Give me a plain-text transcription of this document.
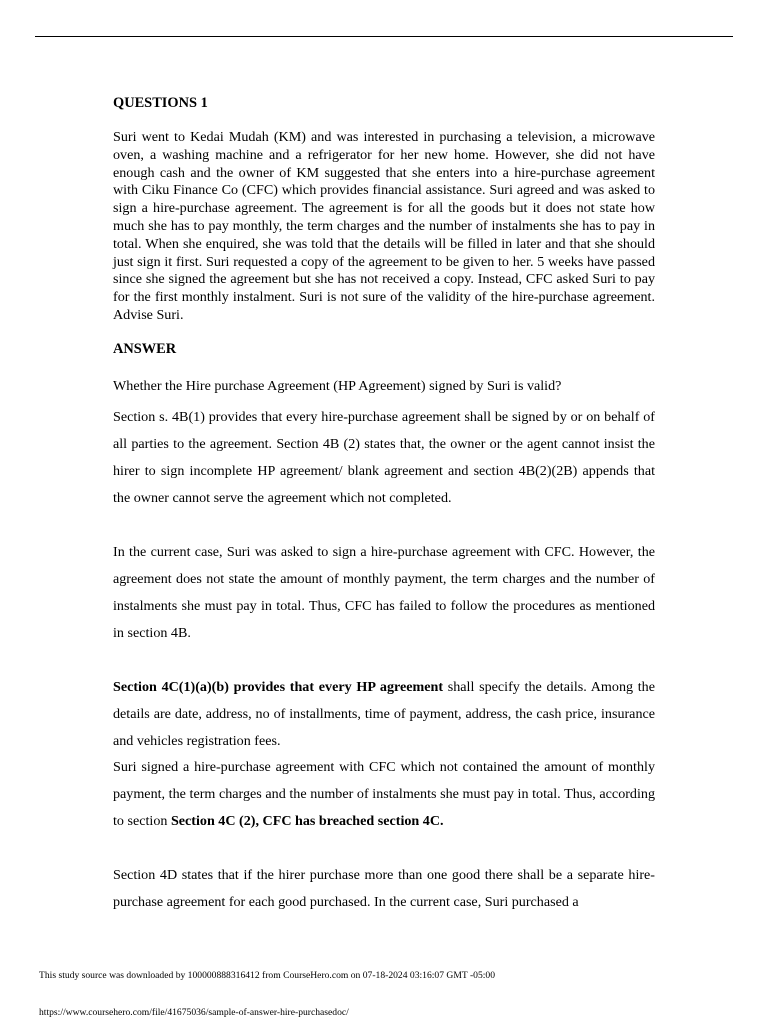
QUESTIONS 1

Suri went to Kedai Mudah (KM) and was interested in purchasing a television, a microwave oven, a washing machine and a refrigerator for her new home. However, she did not have enough cash and the owner of KM suggested that she enters into a hire-purchase agreement with Ciku Finance Co (CFC) which provides financial assistance. Suri agreed and was asked to sign a hire-purchase agreement. The agreement is for all the goods but it does not state how much she has to pay monthly, the term charges and the number of instalments she has to pay in total. When she enquired, she was told that the details will be filled in later and that she should just sign it first. Suri requested a copy of the agreement to be given to her. 5 weeks have passed since she signed the agreement but she has not received a copy. Instead, CFC asked Suri to pay for the first monthly instalment. Suri is not sure of the validity of the hire-purchase agreement. Advise Suri.

ANSWER

Whether the Hire purchase Agreement (HP Agreement) signed by Suri is valid?

Section s. 4B(1) provides that every hire-purchase agreement shall be signed by or on behalf of all parties to the agreement. Section 4B (2) states that, the owner or the agent cannot insist the hirer to sign incomplete HP agreement/ blank agreement and section 4B(2)(2B) appends that the owner cannot serve the agreement which not completed.

In the current case, Suri was asked to sign a hire-purchase agreement with CFC. However, the agreement does not state the amount of monthly payment, the term charges and the number of instalments she must pay in total. Thus, CFC has failed to follow the procedures as mentioned in section 4B.

Section 4C(1)(a)(b) provides that every HP agreement shall specify the details. Among the details are date, address, no of installments, time of payment, address, the cash price, insurance and vehicles registration fees.

Suri signed a hire-purchase agreement with CFC which not contained the amount of monthly payment, the term charges and the number of instalments she must pay in total. Thus, according to section Section 4C (2), CFC has breached section 4C.

Section 4D states that if the hirer purchase more than one good there shall be a separate hire-purchase agreement for each good purchased. In the current case, Suri purchased a

This study source was downloaded by 100000888316412 from CourseHero.com on 07-18-2024 03:16:07 GMT -05:00
https://www.coursehero.com/file/41675036/sample-of-answer-hire-purchasedoc/
